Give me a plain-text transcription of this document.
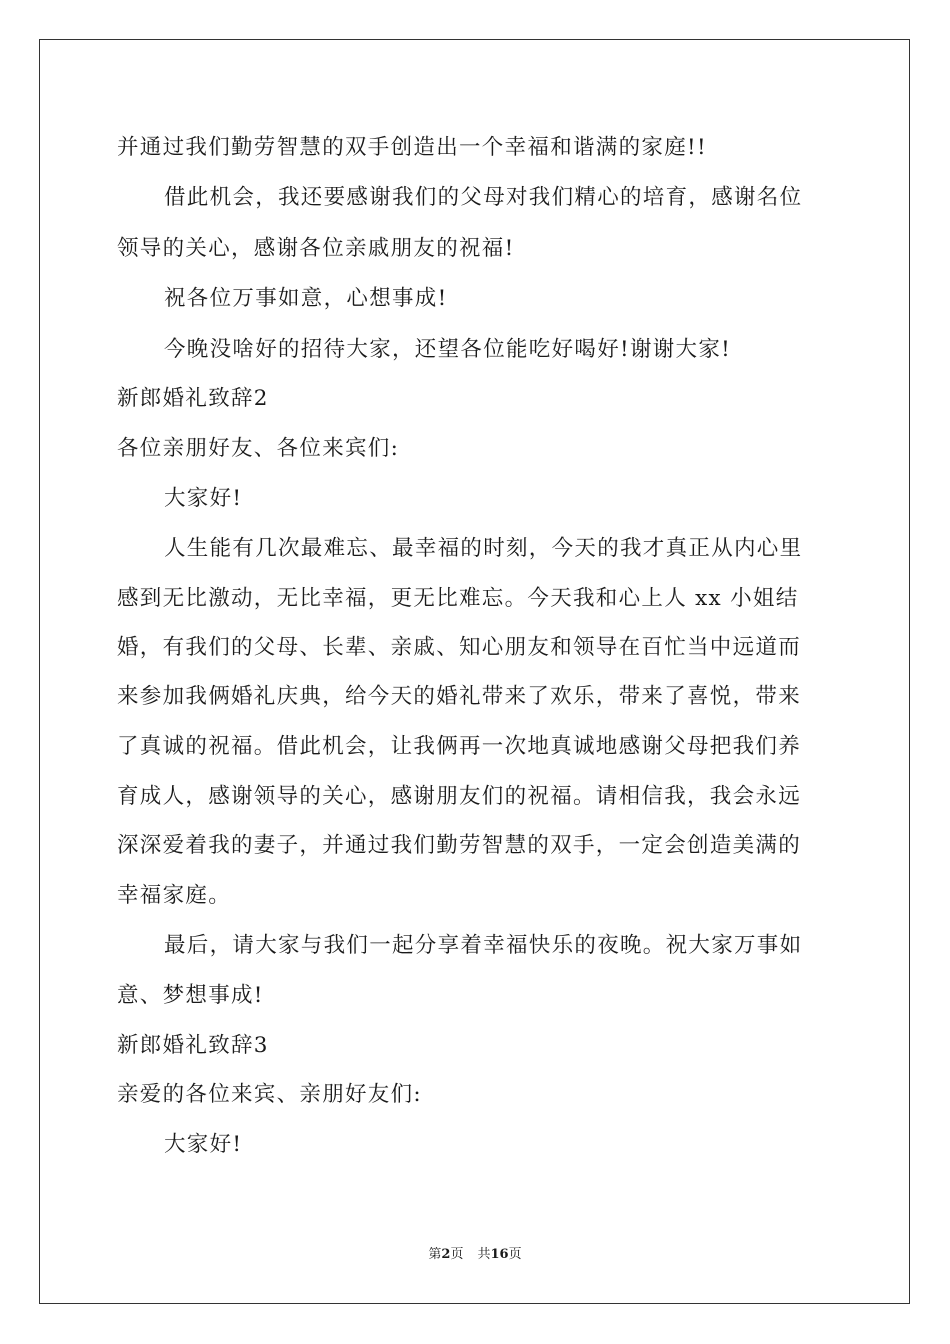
并通过我们勤劳智慧的双手创造出一个幸福和谐满的家庭!!
借此机会，我还要感谢我们的父母对我们精心的培育，感谢名位
领导的关心，感谢各位亲戚朋友的祝福!
祝各位万事如意，心想事成!
今晚没啥好的招待大家，还望各位能吃好喝好!谢谢大家!
新郎婚礼致辞2
各位亲朋好友、各位来宾们:
大家好!
人生能有几次最难忘、最幸福的时刻，今天的我才真正从内心里
感到无比激动，无比幸福，更无比难忘。今天我和心上人 xx 小姐结
婚，有我们的父母、长辈、亲戚、知心朋友和领导在百忙当中远道而
来参加我俩婚礼庆典，给今天的婚礼带来了欢乐，带来了喜悦，带来
了真诚的祝福。借此机会，让我俩再一次地真诚地感谢父母把我们养
育成人，感谢领导的关心，感谢朋友们的祝福。请相信我，我会永远
深深爱着我的妻子，并通过我们勤劳智慧的双手，一定会创造美满的
幸福家庭。
最后，请大家与我们一起分享着幸福快乐的夜晚。祝大家万事如
意、梦想事成!
新郎婚礼致辞3
亲爱的各位来宾、亲朋好友们:
大家好!
第2页 共16页
